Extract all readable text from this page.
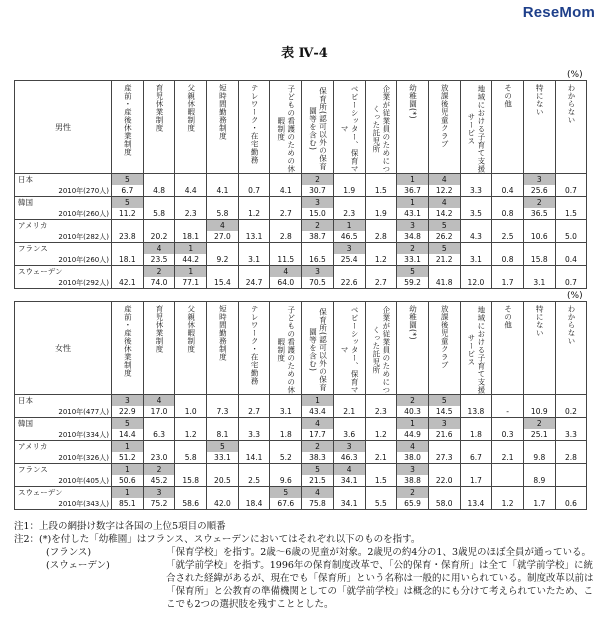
ReseMom
表 Ⅳ-4
(%)
男性	産前・産後休業制度	育児休業制度	父親休暇制度	短時間勤務制度	テレワーク・在宅勤務	子どもの看護のための休暇制度	保育所(認可以外の保育園等を含む)	ベビーシッター、保育ママ	企業が従業員のためにつくった託児所	幼稚園(*)	放課後児童クラブ	地域における子育て支援サービス	その他	特にない	わからない

日本	5						2			1	4			3	
2010年(270人)	6.7	4.8	4.4	4.1	0.7	4.1	30.7	1.9	1.5	36.7	12.2	3.3	0.4	25.6	0.7
韓国	5						3			1	4			2	
2010年(260人)	11.2	5.8	2.3	5.8	1.2	2.7	15.0	2.3	1.9	43.1	14.2	3.5	0.8	36.5	1.5
アメリカ				4			2	1		3	5				
2010年(282人)	23.8	20.2	18.1	27.0	13.1	2.8	38.7	46.5	2.8	34.8	26.2	4.3	2.5	10.6	5.0
フランス		4	1					3		2	5				
2010年(260人)	18.1	23.5	44.2	9.2	3.1	11.5	16.5	25.4	1.2	33.1	21.2	3.1	0.8	15.8	0.4
スウェーデン		2	1			4	3			5					
2010年(292人)	42.1	74.0	77.1	15.4	24.7	64.0	70.5	22.6	2.7	59.2	41.8	12.0	1.7	3.1	0.7
(%)
女性	産前・産後休業制度	育児休業制度	父親休暇制度	短時間勤務制度	テレワーク・在宅勤務	子どもの看護のための休暇制度	保育所(認可以外の保育園等を含む)	ベビーシッター、保育ママ	企業が従業員のためにつくった託児所	幼稚園(*)	放課後児童クラブ	地域における子育て支援サービス	その他	特にない	わからない

日本	3	4					1			2	5				
2010年(477人)	22.9	17.0	1.0	7.3	2.7	3.1	43.4	2.1	2.3	40.3	14.5	13.8	-	10.9	0.2
韓国	5						4			1	3			2	
2010年(334人)	14.4	6.3	1.2	8.1	3.3	1.8	17.7	3.6	1.2	44.9	21.6	1.8	0.3	25.1	3.3
アメリカ	1			5			2	3		4					
2010年(326人)	51.2	23.0	5.8	33.1	14.1	5.2	38.3	46.3	2.1	38.0	27.3	6.7	2.1	9.8	2.8
フランス	1	2					5	4		3					
2010年(405人)	50.6	45.2	15.8	20.5	2.5	9.6	21.5	34.1	1.5	38.8	22.0	1.7		8.9	
スウェーデン	1	3				5	4			2					
2010年(343人)	85.1	75.2	58.6	42.0	18.4	67.6	75.8	34.1	5.5	65.9	58.0	13.4	1.2	1.7	0.6

注1：上段の網掛け数字は各国の上位5項目の順番

注2：(*)を付した「幼稚園」はフランス、スウェーデンにおいてはそれぞれ以下のものを指す。

(フランス)	「保育学校」を指す。2歳～6歳の児童が対象。2歳児の約4分の1、3歳児のほぼ全員が通っている。

(スウェーデン)	「就学前学校」を指す。1996年の保育制度改革で、「公的保育・保育所」は全て「就学前学校」に統合された経緯があるが、現在でも「保育所」という名称は一般的に用いられている。制度改革以前は「保育所」と公教育の準備機関としての「就学前学校」は概念的にも分けて考えられていたため、ここでも2つの選択肢を残すこととした。
